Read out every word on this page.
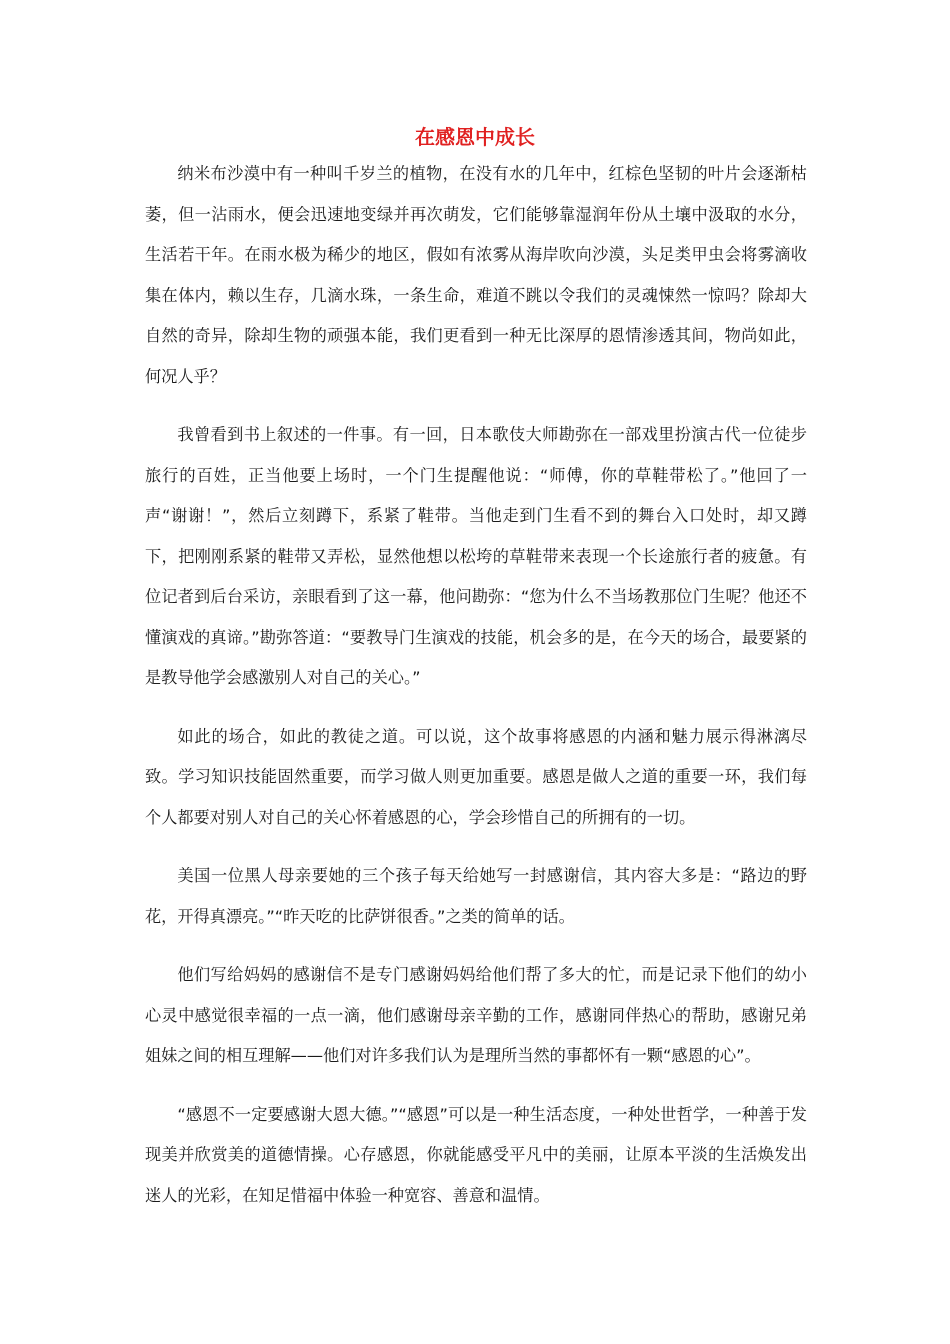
在感恩中成长

纳米布沙漠中有一种叫千岁兰的植物，在没有水的几年中，红棕色坚韧的叶片会逐渐枯萎，但一沾雨水，便会迅速地变绿并再次萌发，它们能够靠湿润年份从土壤中汲取的水分，生活若干年。在雨水极为稀少的地区，假如有浓雾从海岸吹向沙漠，头足类甲虫会将雾滴收集在体内，赖以生存，几滴水珠，一条生命，难道不跳以令我们的灵魂悚然一惊吗？除却大自然的奇异，除却生物的顽强本能，我们更看到一种无比深厚的恩情渗透其间，物尚如此，何况人乎？

我曾看到书上叙述的一件事。有一回，日本歌伎大师勘弥在一部戏里扮演古代一位徒步旅行的百姓，正当他要上场时，一个门生提醒他说：“师傅，你的草鞋带松了。”他回了一声“谢谢！”，然后立刻蹲下，系紧了鞋带。当他走到门生看不到的舞台入口处时，却又蹲下，把刚刚系紧的鞋带又弄松，显然他想以松垮的草鞋带来表现一个长途旅行者的疲惫。有位记者到后台采访，亲眼看到了这一幕，他问勘弥：“您为什么不当场教那位门生呢？他还不懂演戏的真谛。”勘弥答道：“要教导门生演戏的技能，机会多的是，在今天的场合，最要紧的是教导他学会感激别人对自己的关心。”

如此的场合，如此的教徒之道。可以说，这个故事将感恩的内涵和魅力展示得淋漓尽致。学习知识技能固然重要，而学习做人则更加重要。感恩是做人之道的重要一环，我们每个人都要对别人对自己的关心怀着感恩的心，学会珍惜自己的所拥有的一切。

美国一位黑人母亲要她的三个孩子每天给她写一封感谢信，其内容大多是：“路边的野花，开得真漂亮。”“昨天吃的比萨饼很香。”之类的简单的话。

他们写给妈妈的感谢信不是专门感谢妈妈给他们帮了多大的忙，而是记录下他们的幼小心灵中感觉很幸福的一点一滴，他们感谢母亲辛勤的工作，感谢同伴热心的帮助，感谢兄弟姐妹之间的相互理解——他们对许多我们认为是理所当然的事都怀有一颗“感恩的心”。

“感恩不一定要感谢大恩大德。”“感恩”可以是一种生活态度，一种处世哲学，一种善于发现美并欣赏美的道德情操。心存感恩，你就能感受平凡中的美丽，让原本平淡的生活焕发出迷人的光彩，在知足惜福中体验一种宽容、善意和温情。
